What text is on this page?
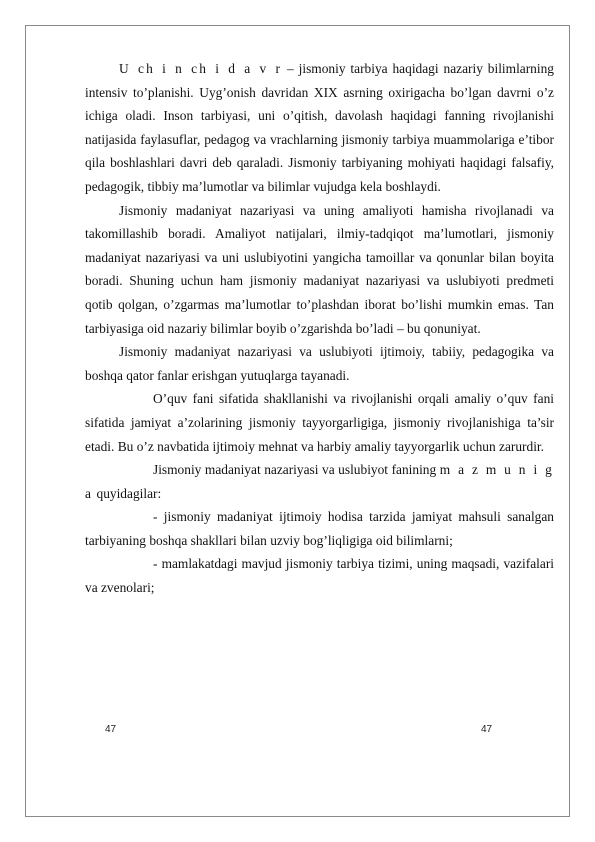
U ch i n ch i d a v r – jismoniy tarbiya haqidagi nazariy bilimlarning intensiv to’planishi. Uyg’onish davridan XIX asrning oxirigacha bo’lgan davrni o’z ichiga oladi. Inson tarbiyasi, uni o’qitish, davolash haqidagi fanning rivojlanishi natijasida faylasuflar, pedagog va vrachlarning jismoniy tarbiya muammolariga e’tibor qila boshlashlari davri deb qaraladi. Jismoniy tarbiyaning mohiyati haqidagi falsafiy, pedagogik, tibbiy ma’lumotlar va bilimlar vujudga kela boshlaydi.

Jismoniy madaniyat nazariyasi va uning amaliyoti hamisha rivojlanadi va takomillashib boradi. Amaliyot natijalari, ilmiy-tadqiqot ma’lumotlari, jismoniy madaniyat nazariyasi va uni uslubiyotini yangicha tamoillar va qonunlar bilan boyita boradi. Shuning uchun ham jismoniy madaniyat nazariyasi va uslubiyoti predmeti qotib qolgan, o’zgarmas ma’lumotlar to’plashdan iborat bo’lishi mumkin emas. Tan tarbiyasiga oid nazariy bilimlar boyib o’zgarishda bo’ladi – bu qonuniyat.

Jismoniy madaniyat nazariyasi va uslubiyoti ijtimoiy, tabiiy, pedagogika va boshqa qator fanlar erishgan yutuqlarga tayanadi.

O’quv fani sifatida shakllanishi va rivojlanishi orqali amaliy o’quv fani sifatida jamiyat a’zolarining jismoniy tayyorgarligiga, jismoniy rivojlanishiga ta’sir etadi. Bu o’z navbatida ijtimoiy mehnat va harbiy amaliy tayyorgarlik uchun zarurdir.

Jismoniy madaniyat nazariyasi va uslubiyot fanining m a z m u n i g a quyidagilar:

- jismoniy madaniyat ijtimoiy hodisa tarzida jamiyat mahsuli sanalgan tarbiyaning boshqa shakllari bilan uzviy bog’liqligiga oid bilimlarni;

- mamlakatdagi mavjud jismoniy tarbiya tizimi, uning maqsadi, vazifalari va zvenolari;

47	47
